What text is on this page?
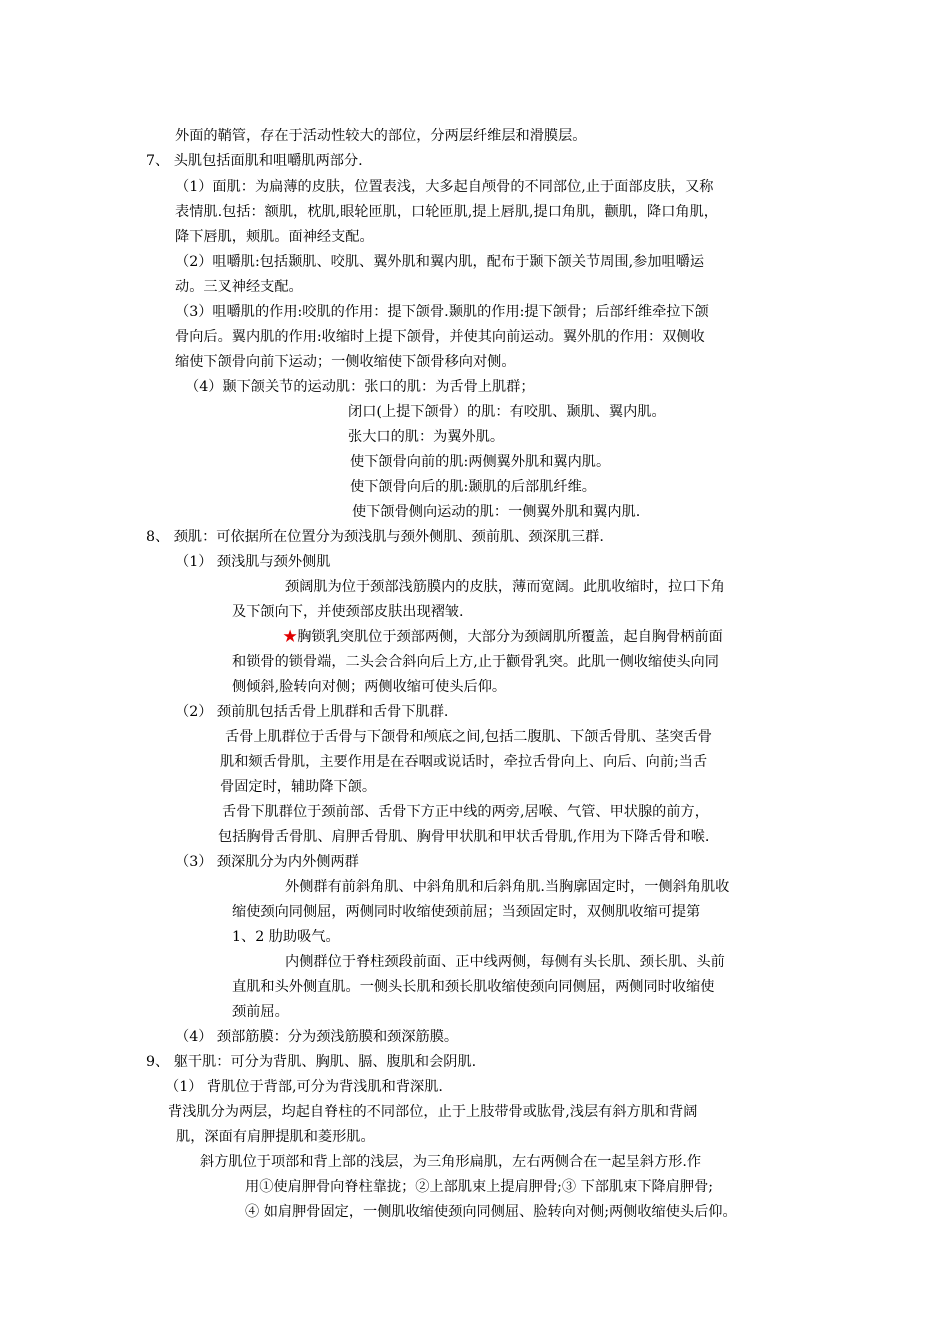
外面的鞘管，存在于活动性较大的部位，分两层纤维层和滑膜层。
7、 头肌包括面肌和咀嚼肌两部分.
（1）面肌：为扁薄的皮肤，位置表浅，大多起自颅骨的不同部位,止于面部皮肤，又称
表情肌.包括：额肌，枕肌,眼轮匝肌，口轮匝肌,提上唇肌,提口角肌，颧肌，降口角肌，
降下唇肌，颊肌。面神经支配。
（2）咀嚼肌:包括颞肌、咬肌、翼外肌和翼内肌，配布于颞下颌关节周围,参加咀嚼运
动。三叉神经支配。
（3）咀嚼肌的作用:咬肌的作用：提下颌骨.颞肌的作用:提下颌骨；后部纤维牵拉下颌
骨向后。翼内肌的作用:收缩时上提下颌骨，并使其向前运动。翼外肌的作用：双侧收
缩使下颌骨向前下运动；一侧收缩使下颌骨移向对侧。
（4）颞下颌关节的运动肌：张口的肌：为舌骨上肌群；
闭口(上提下颌骨）的肌：有咬肌、颞肌、翼内肌。
张大口的肌：为翼外肌。
使下颌骨向前的肌:两侧翼外肌和翼内肌。
使下颌骨向后的肌:颞肌的后部肌纤维。
使下颌骨侧向运动的肌：一侧翼外肌和翼内肌.
8、 颈肌：可依据所在位置分为颈浅肌与颈外侧肌、颈前肌、颈深肌三群.
（1） 颈浅肌与颈外侧肌
颈阔肌为位于颈部浅筋膜内的皮肤，薄而宽阔。此肌收缩时，拉口下角
及下颌向下，并使颈部皮肤出现褶皱.
★胸锁乳突肌位于颈部两侧，大部分为颈阔肌所覆盖，起自胸骨柄前面
和锁骨的锁骨端，二头会合斜向后上方,止于颧骨乳突。此肌一侧收缩使头向同
侧倾斜,脸转向对侧；两侧收缩可使头后仰。
（2） 颈前肌包括舌骨上肌群和舌骨下肌群.
舌骨上肌群位于舌骨与下颌骨和颅底之间,包括二腹肌、下颌舌骨肌、茎突舌骨
肌和颏舌骨肌，主要作用是在吞咽或说话时，牵拉舌骨向上、向后、向前;当舌
骨固定时，辅助降下颌。
舌骨下肌群位于颈前部、舌骨下方正中线的两旁,居喉、气管、甲状腺的前方，
包括胸骨舌骨肌、肩胛舌骨肌、胸骨甲状肌和甲状舌骨肌,作用为下降舌骨和喉.
（3） 颈深肌分为内外侧两群
外侧群有前斜角肌、中斜角肌和后斜角肌.当胸廓固定时，一侧斜角肌收
缩使颈向同侧屈，两侧同时收缩使颈前屈；当颈固定时，双侧肌收缩可提第
1、2 肋助吸气。
内侧群位于脊柱颈段前面、正中线两侧，每侧有头长肌、颈长肌、头前
直肌和头外侧直肌。一侧头长肌和颈长肌收缩使颈向同侧屈，两侧同时收缩使
颈前屈。
（4） 颈部筋膜：分为颈浅筋膜和颈深筋膜。
9、 躯干肌：可分为背肌、胸肌、膈、腹肌和会阴肌.
（1） 背肌位于背部,可分为背浅肌和背深肌.
背浅肌分为两层，均起自脊柱的不同部位，止于上肢带骨或肱骨,浅层有斜方肌和背阔
肌，深面有肩胛提肌和菱形肌。
斜方肌位于项部和背上部的浅层，为三角形扁肌，左右两侧合在一起呈斜方形.作
用①使肩胛骨向脊柱靠拢；②上部肌束上提肩胛骨;③ 下部肌束下降肩胛骨;
④ 如肩胛骨固定，一侧肌收缩使颈向同侧屈、脸转向对侧;两侧收缩使头后仰。
